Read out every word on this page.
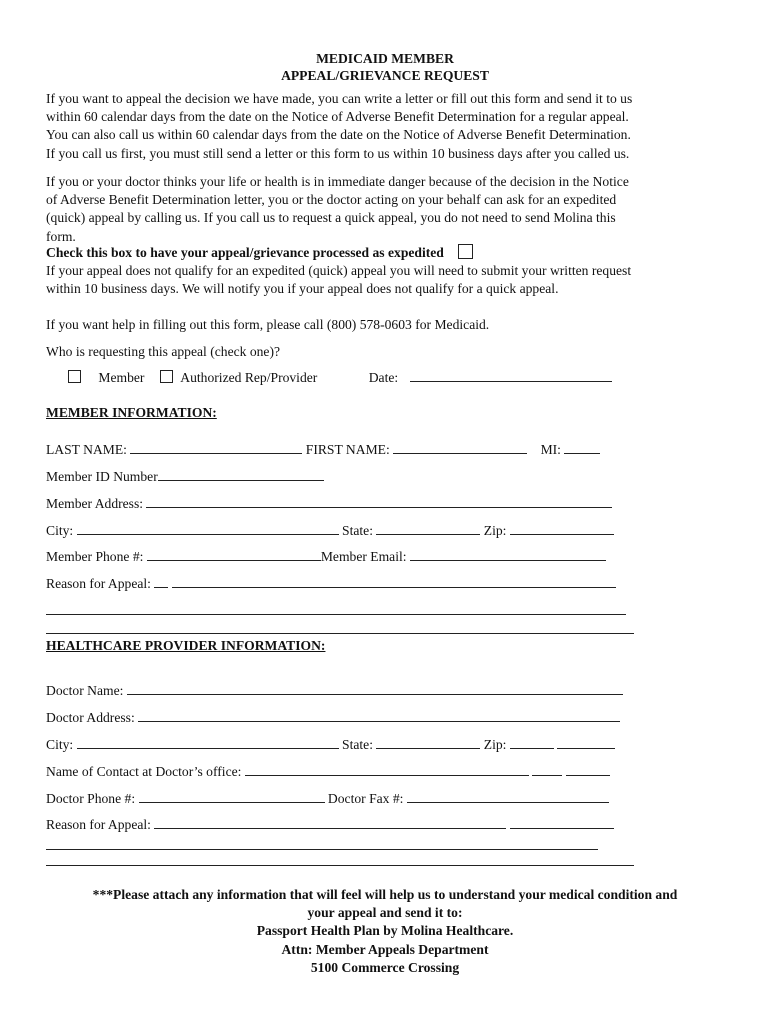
MEDICAID MEMBER
APPEAL/GRIEVANCE REQUEST
If you want to appeal the decision we have made, you can write a letter or fill out this form and send it to us
within 60 calendar days from the date on the Notice of Adverse Benefit Determination for a regular appeal.
You can also call us within 60 calendar days from the date on the Notice of Adverse Benefit Determination.
If you call us first, you must still send a letter or this form to us within 10 business days after you called us.
If you or your doctor thinks your life or health is in immediate danger because of the decision in the Notice
of Adverse Benefit Determination letter, you or the doctor acting on your behalf can ask for an expedited
(quick) appeal by calling us. If you call us to request a quick appeal, you do not need to send Molina this
form.
Check this box to have your appeal/grievance processed as expedited
If your appeal does not qualify for an expedited (quick) appeal you will need to submit your written request
within 10 business days. We will notify you if your appeal does not qualify for a quick appeal.
If you want help in filling out this form, please call (800) 578-0603 for Medicaid.
Who is requesting this appeal (check one)?
Member	Authorized Rep/Provider	Date:
MEMBER INFORMATION:
LAST NAME:	FIRST NAME:	MI:
Member ID Number
Member Address:
City:	State:	Zip:
Member Phone #:	Member Email:
Reason for Appeal:
HEALTHCARE PROVIDER INFORMATION:
Doctor Name:
Doctor Address:
City:	State:	Zip:
Name of Contact at Doctor’s office:
Doctor Phone #:	Doctor Fax #:
Reason for Appeal:
***Please attach any information that will feel will help us to understand your medical condition and
your appeal and send it to:
Passport Health Plan by Molina Healthcare.
Attn: Member Appeals Department
5100 Commerce Crossing
